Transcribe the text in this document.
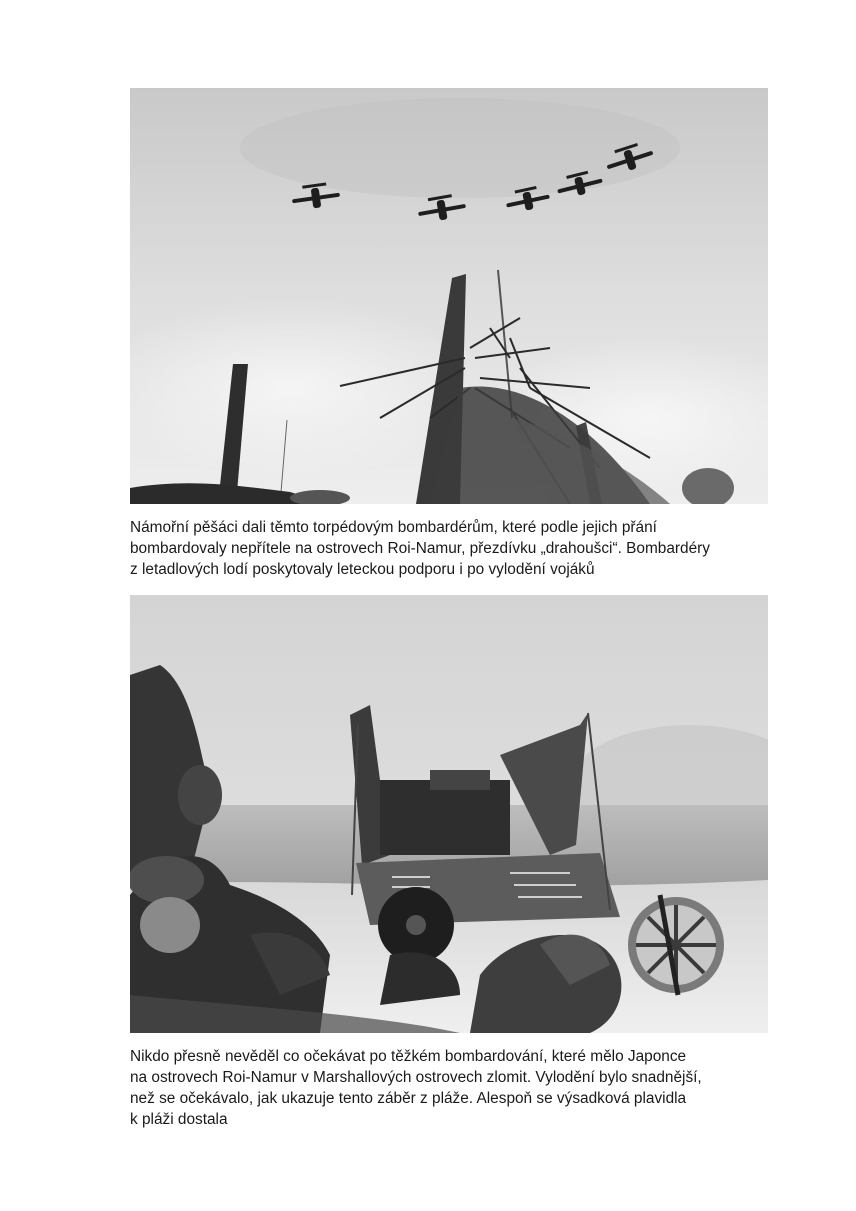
Námořní pěšáci dali těmto torpédovým bombardérům, které podle jejich přání
bombardovaly nepřítele na ostrovech Roi-Namur, přezdívku „drahoušci“. Bombardéry
z letadlových lodí poskytovaly leteckou podporu i po vylodění vojáků

Nikdo přesně nevěděl co očekávat po těžkém bombardování, které mělo Japonce
na ostrovech Roi-Namur v Marshallových ostrovech zlomit. Vylodění bylo snadnější,
než se očekávalo, jak ukazuje tento záběr z pláže. Alespoň se výsadková plavidla
k pláži dostala
